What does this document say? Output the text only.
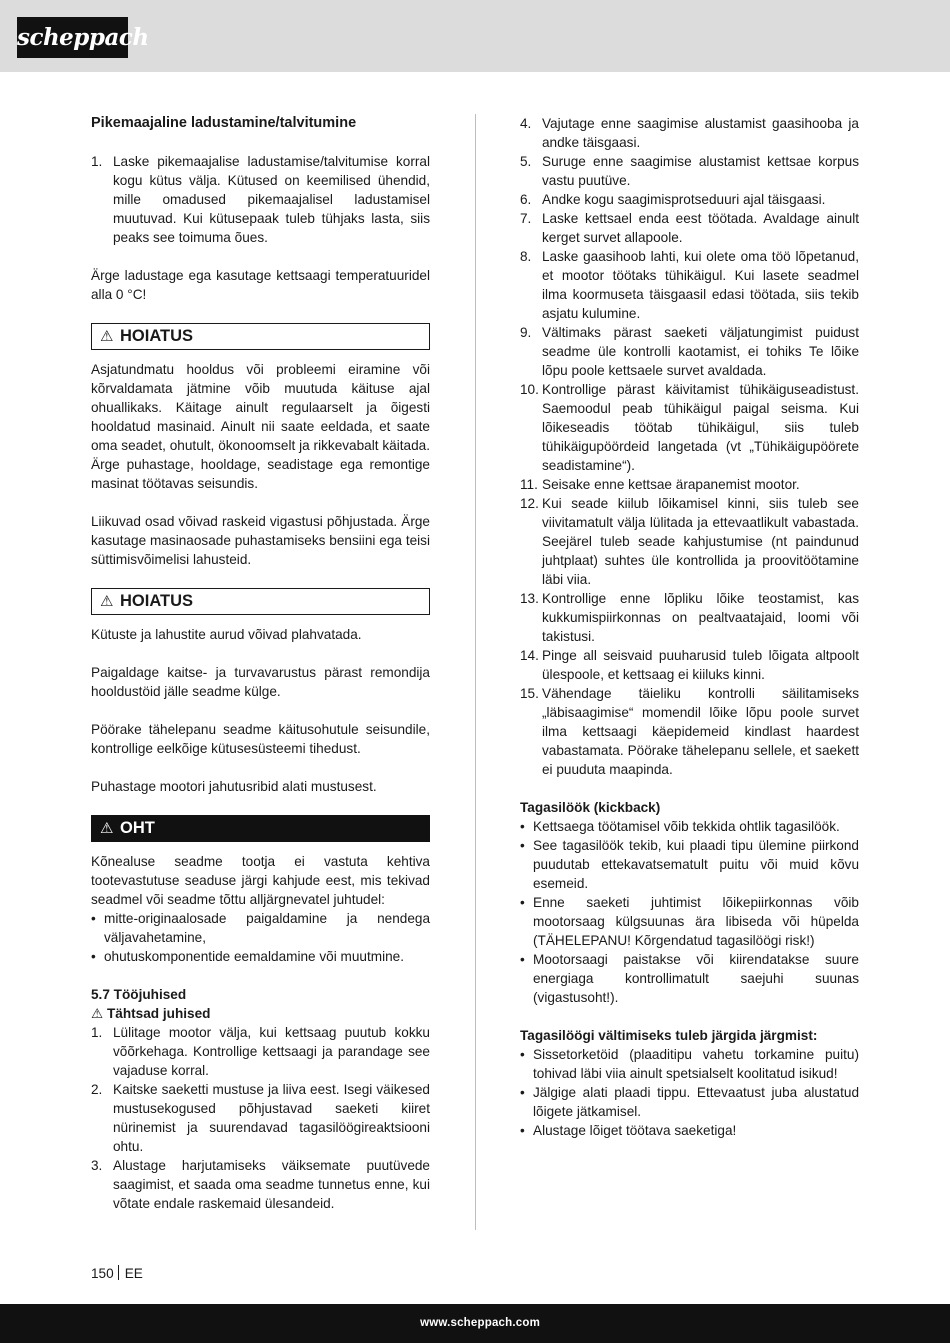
scheppach
Pikemaajaline ladustamine/talvitumine
1. Laske pikemaajalise ladustamise/talvitumise korral kogu kütus välja. Kütused on keemilised ühendid, mille omadused pikemaajalisel ladustamisel muutuvad. Kui kütusepaak tuleb tühjaks lasta, siis peaks see toimuma õues.

Ärge ladustage ega kasutage kettsaagi temperatuuridel alla 0 °C!

⚠ HOIATUS

Asjatundmatu hooldus või probleemi eiramine või kõrvaldamata jätmine võib muutuda käituse ajal ohuallikaks. Käitage ainult regulaarselt ja õigesti hooldatud masinaid. Ainult nii saate eeldada, et saate oma seadet, ohutult, ökonoomselt ja rikkevabalt käitada. Ärge puhastage, hooldage, seadistage ega remontige masinat töötavas seisundis.

Liikuvad osad võivad raskeid vigastusi põhjustada. Ärge kasutage masinaosade puhastamiseks bensiini ega teisi süttimisvõimelisi lahusteid.

⚠ HOIATUS

Kütuste ja lahustite aurud võivad plahvatada.

Paigaldage kaitse- ja turvavarustus pärast remondija hooldustöid jälle seadme külge.

Pöörake tähelepanu seadme käitusohutule seisundile, kontrollige eelkõige kütusesüsteemi tihedust.

Puhastage mootori jahutusribid alati mustusest.

⚠ OHT

Kõnealuse seadme tootja ei vastuta kehtiva tootevastutuse seaduse järgi kahjude eest, mis tekivad seadmel või seadme tõttu alljärgnevatel juhtudel:

• mitte-originaalosade paigaldamine ja nendega väljavahetamine,
• ohutuskomponentide eemaldamine või muutmine.
5.7 Tööjuhised
⚠ Tähtsad juhised
1. Lülitage mootor välja, kui kettsaag puutub kokku võõrkehaga. Kontrollige kettsaagi ja parandage see vajaduse korral.
2. Kaitske saeketti mustuse ja liiva eest. Isegi väikesed mustusekogused põhjustavad saeketi kiiret nürinemist ja suurendavad tagasilöögireaktsiooni ohtu.
3. Alustage harjutamiseks väiksemate puutüvede saagimist, et saada oma seadme tunnetus enne, kui võtate endale raskemaid ülesandeid.
4. Vajutage enne saagimise alustamist gaasihooba ja andke täisgaasi.
5. Suruge enne saagimise alustamist kettsae korpus vastu puutüve.
6. Andke kogu saagimisprotseduuri ajal täisgaasi.
7. Laske kettsael enda eest töötada. Avaldage ainult kerget survet allapoole.
8. Laske gaasihoob lahti, kui olete oma töö lõpetanud, et mootor töötaks tühikäigul. Kui lasete seadmel ilma koormuseta täisgaasil edasi töötada, siis tekib asjatu kulumine.
9. Vältimaks pärast saeketi väljatungimist puidust seadme üle kontrolli kaotamist, ei tohiks Te lõike lõpu poole kettsaele survet avaldada.
10. Kontrollige pärast käivitamist tühikäiguseadistust. Saemoodul peab tühikäigul paigal seisma. Kui lõikeseadis töötab tühikäigul, siis tuleb tühikäigupöördeid langetada (vt „Tühikäigupöörete seadistamine“).
11. Seisake enne kettsae ärapanemist mootor.
12. Kui seade kiilub lõikamisel kinni, siis tuleb see viivitamatult välja lülitada ja ettevaatlikult vabastada. Seejärel tuleb seade kahjustumise (nt paindunud juhtplaat) suhtes üle kontrollida ja proovitöötamine läbi viia.
13. Kontrollige enne lõpliku lõike teostamist, kas kukkumispiirkonnas on pealtvaatajaid, loomi või takistusi.
14. Pinge all seisvaid puuharusid tuleb lõigata altpoolt ülespoole, et kettsaag ei kiiluks kinni.
15. Vähendage täieliku kontrolli säilitamiseks „läbisaagimise“ momendil lõike lõpu poole survet ilma kettsaagi käepidemeid kindlast haardest vabastamata. Pöörake tähelepanu sellele, et saekett ei puuduta maapinda.
Tagasilöök (kickback)
• Kettsaega töötamisel võib tekkida ohtlik tagasilöök.
• See tagasilöök tekib, kui plaadi tipu ülemine piirkond puudutab ettekavatsematult puitu või muid kõvu esemeid.
• Enne saeketi juhtimist lõikepiirkonnas võib mootorsaag külgsuunas ära libiseda või hüpelda (TÄHELEPANU! Kõrgendatud tagasilöögi risk!)
• Mootorsaagi paistakse või kiirendatakse suure energiaga kontrollimatult saejuhi suunas (vigastusoht!).
Tagasilöögi vältimiseks tuleb järgida järgmist:
• Sissetorketöid (plaaditipu vahetu torkamine puitu) tohivad läbi viia ainult spetsialselt koolitatud isikud!
• Jälgige alati plaadi tippu. Ettevaatust juba alustatud lõigete jätkamisel.
• Alustage lõiget töötava saeketiga!
150 EE
www.scheppach.com
